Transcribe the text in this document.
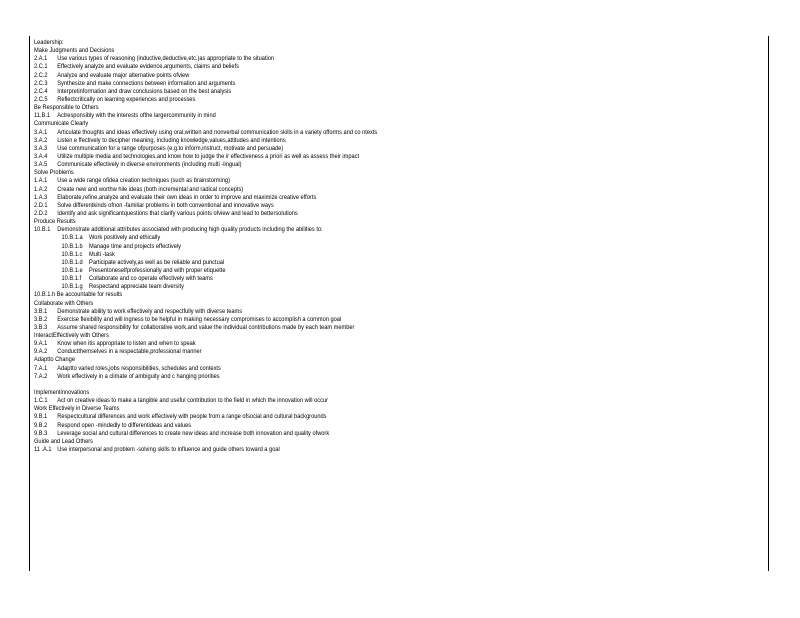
Leadership:
Make Judgments and Decisions
2.A.1 Use various types of reasoning (inductive,deductive,etc.)as appropriate to the situation
2.C.1 Effectively analyze and evaluate evidence,arguments, claims and beliefs
2.C.2 Analyze and evaluate major alternative points ofview
2.C.3 Synthesize and make connections between information and arguments
2.C.4 Interpretinformation and draw conclusions based on the best analysis
2.C.5 Reflectcritically on learning experiences and processes
Be Responsible to Others
11.B.1 Actresponsibly with the interests ofthe largercommunity in mind
Communicate Clearly
3.A.1 Articulate thoughts and ideas effectively using oral,written and nonverbal communication skills in a variety offorms and co ntexts
3.A.2 Listen e ffectively to decipher meaning, including knowledge,values,attitudes and intentions
3.A.3 Use communication for a range ofpurposes (e.g.to inform,instruct, motivate and persuade)
3.A.4 Utilize multiple media and technologies,and know how to judge the ir effectiveness a priori as well as assess their impact
3.A.5 Communicate effectively in diverse environments (including multi -lingual)
Solve Problems
1.A.1 Use a wide range ofidea creation techniques (such as brainstorming)
1.A.2 Create new and worthw hile ideas (both incremental and radical concepts)
1.A.3 Elaborate,refine,analyze and evaluate their own ideas in order to improve and maximize creative efforts
2.D.1 Solve differentkinds ofnon -familiar problems in both conventional and innovative ways
2.D.2 Identify and ask significantquestions that clarify various points ofview and lead to bettersolutions
Produce Results
10.B.1 Demonstrate additional attributes associated with producing high quality products including the abilities to:
10.B.1.a Work positively and ethically
10.B.1.b Manage time and projects effectively
10.B.1.c Multi -task
10.B.1.d Participate actively,as well as be reliable and punctual
10.B.1.e Presentoneselfprofessionally and with proper etiquette
10.B.1.f Collaborate and co operate effectively with teams
10.B.1.g Respectand appreciate team diversity
10.B.1.h Be accountable for results
Collaborate with Others
3.B.1 Demonstrate ability to work effectively and respectfully with diverse teams
3.B.2 Exercise flexibility and will ingness to be helpful in making necessary compromises to accomplish a common goal
3.B.3 Assume shared responsibility for collaborative work,and value the individual contributions made by each team member
InteractEffectively with Others
9.A.1 Know when itis appropriate to listen and when to speak
9.A.2 Conductthemselves in a respectable,professional manner
Adaptto Change
7.A.1 Adaptto varied roles,jobs responsibilities, schedules and contexts
7.A.2 Work effectively in a climate of ambiguity and c hanging priorities
Implementinnovations
1.C.1 Act on creative ideas to make a tangible and useful contribution to the field in which the innovation will occur
Work Effectively in Diverse Teams
9.B.1 Respectcultural differences and work effectively with people from a range ofsocial and cultural backgrounds
9.B.2 Respond open -mindedly to differentideas and values
9.B.3 Leverage social and cultural differences to create new ideas and increase both innovation and quality ofwork
Guide and Lead Others
11 .A.1 Use interpersonal and problem -solving skills to influence and guide others toward a goal
